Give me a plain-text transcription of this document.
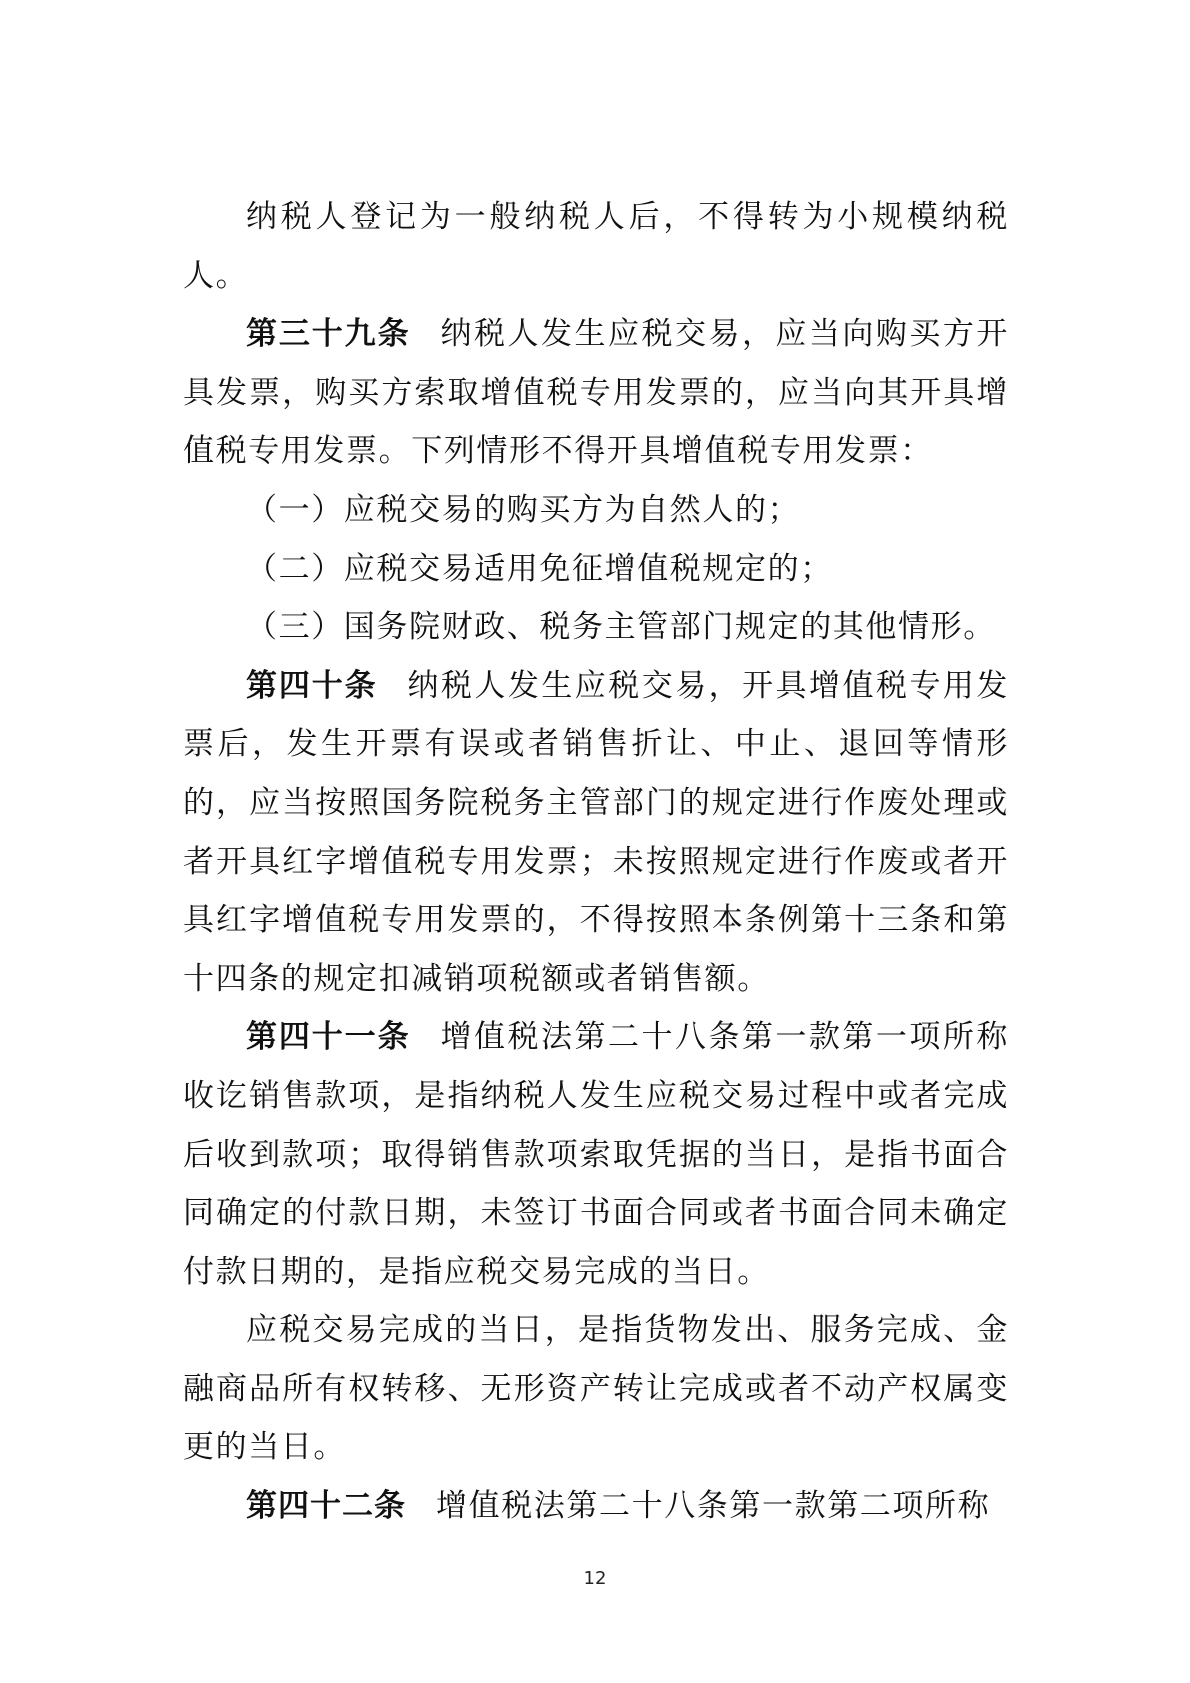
纳税人登记为一般纳税人后，不得转为小规模纳税人。

第三十九条 纳税人发生应税交易，应当向购买方开具发票，购买方索取增值税专用发票的，应当向其开具增值税专用发票。下列情形不得开具增值税专用发票：

（一）应税交易的购买方为自然人的；

（二）应税交易适用免征增值税规定的；

（三）国务院财政、税务主管部门规定的其他情形。

第四十条 纳税人发生应税交易，开具增值税专用发票后，发生开票有误或者销售折让、中止、退回等情形的，应当按照国务院税务主管部门的规定进行作废处理或者开具红字增值税专用发票；未按照规定进行作废或者开具红字增值税专用发票的，不得按照本条例第十三条和第十四条的规定扣减销项税额或者销售额。

第四十一条 增值税法第二十八条第一款第一项所称收讫销售款项，是指纳税人发生应税交易过程中或者完成后收到款项；取得销售款项索取凭据的当日，是指书面合同确定的付款日期，未签订书面合同或者书面合同未确定付款日期的，是指应税交易完成的当日。

应税交易完成的当日，是指货物发出、服务完成、金融商品所有权转移、无形资产转让完成或者不动产权属变更的当日。

第四十二条 增值税法第二十八条第一款第二项所称

12
